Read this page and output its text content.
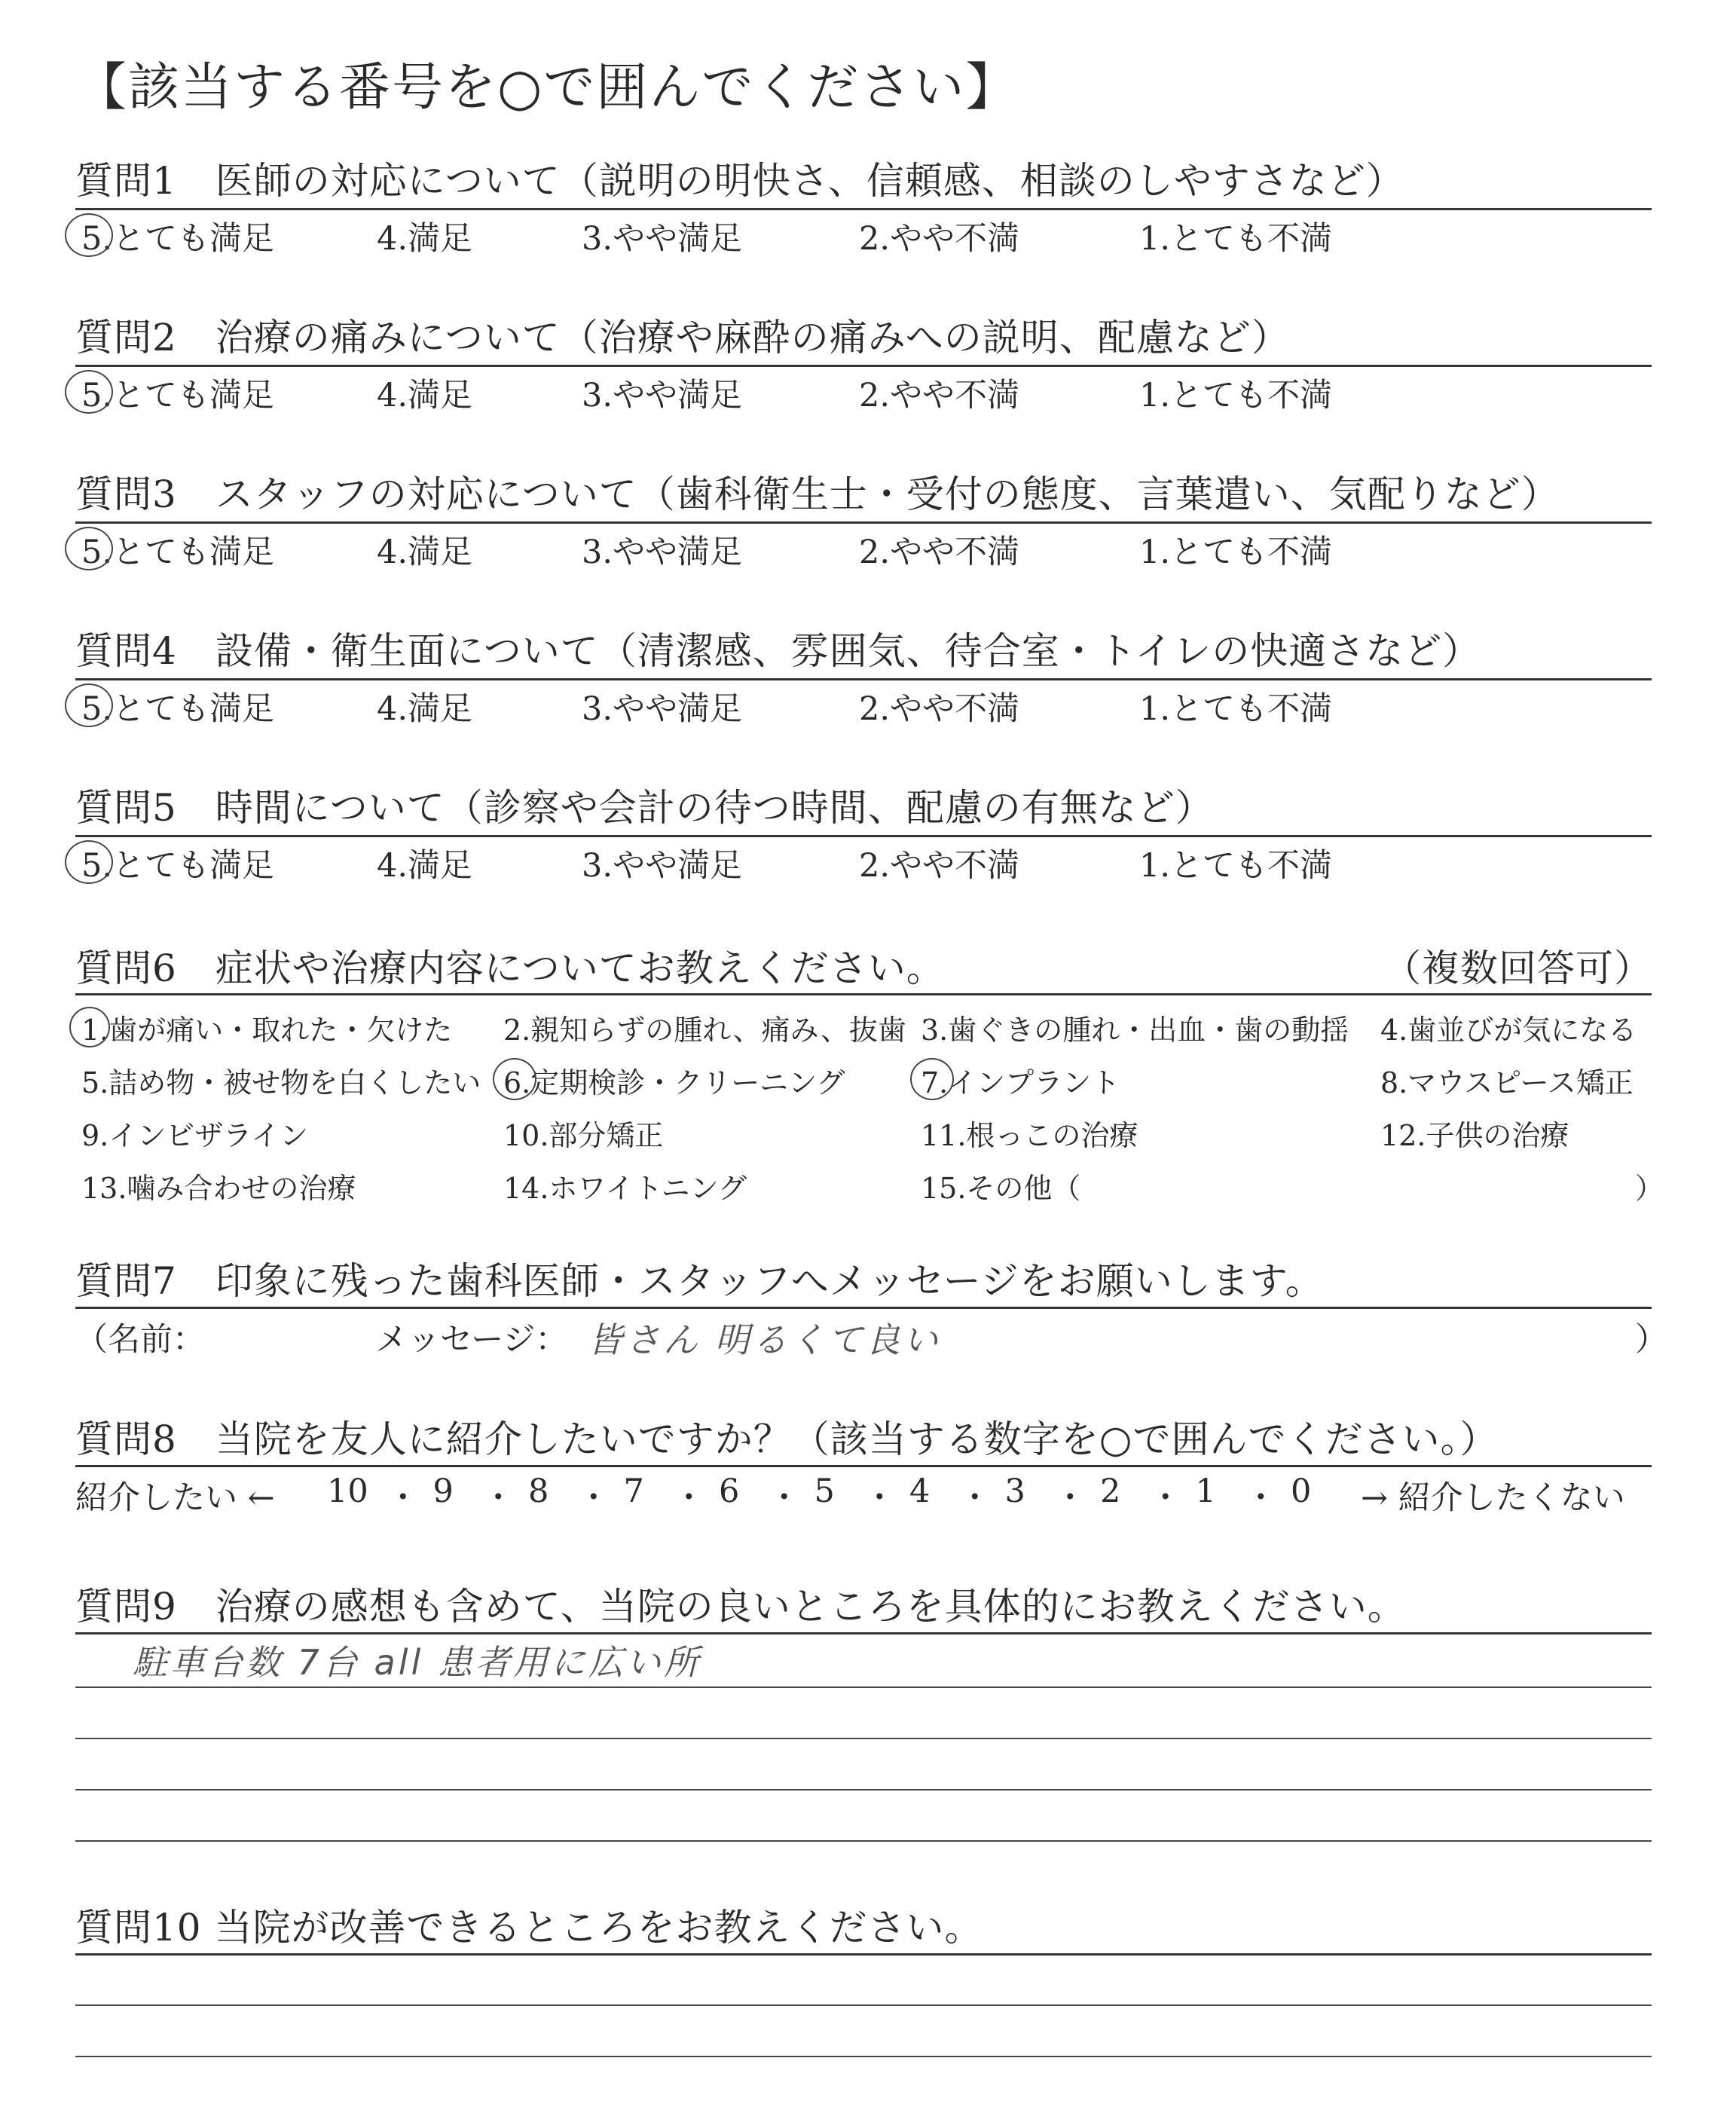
【該当する番号を○で囲んでください】
質問1　医師の対応について（説明の明快さ、信頼感、相談のしやすさなど）
5.とても満足	4.満足	3.やや満足	2.やや不満	1.とても不満
質問2　治療の痛みについて（治療や麻酔の痛みへの説明、配慮など）
5.とても満足	4.満足	3.やや満足	2.やや不満	1.とても不満
質問3　スタッフの対応について（歯科衛生士・受付の態度、言葉遣い、気配りなど）
5.とても満足	4.満足	3.やや満足	2.やや不満	1.とても不満
質問4　設備・衛生面について（清潔感、雰囲気、待合室・トイレの快適さなど）
5.とても満足	4.満足	3.やや満足	2.やや不満	1.とても不満
質問5　時間について（診察や会計の待つ時間、配慮の有無など）
5.とても満足	4.満足	3.やや満足	2.やや不満	1.とても不満
質問6　症状や治療内容についてお教えください。	（複数回答可）
1.歯が痛い・取れた・欠けた 2.親知らずの腫れ、痛み、抜歯 3.歯ぐきの腫れ・出血・歯の動揺 4.歯並びが気になる
5.詰め物・被せ物を白くしたい 6.定期検診・クリーニング	7.インプラント	8.マウスピース矯正
9.インビザライン	10.部分矯正	11.根っこの治療	12.子供の治療
13.噛み合わせの治療	14.ホワイトニング	15.その他（	）
質問7　印象に残った歯科医師・スタッフへメッセージをお願いします。
（名前：	メッセージ： 皆さん 明るくて良い	）
質問8　当院を友人に紹介したいですか？（該当する数字を○で囲んでください。）
紹介したい ← 10 ・ 9 ・ 8 ・ 7 ・ 6 ・ 5 ・ 4 ・ 3 ・ 2 ・ 1 ・ 0 → 紹介したくない
質問9　治療の感想も含めて、当院の良いところを具体的にお教えください。
駐車台数 7台 all 患者用に広い所
質問10 当院が改善できるところをお教えください。
